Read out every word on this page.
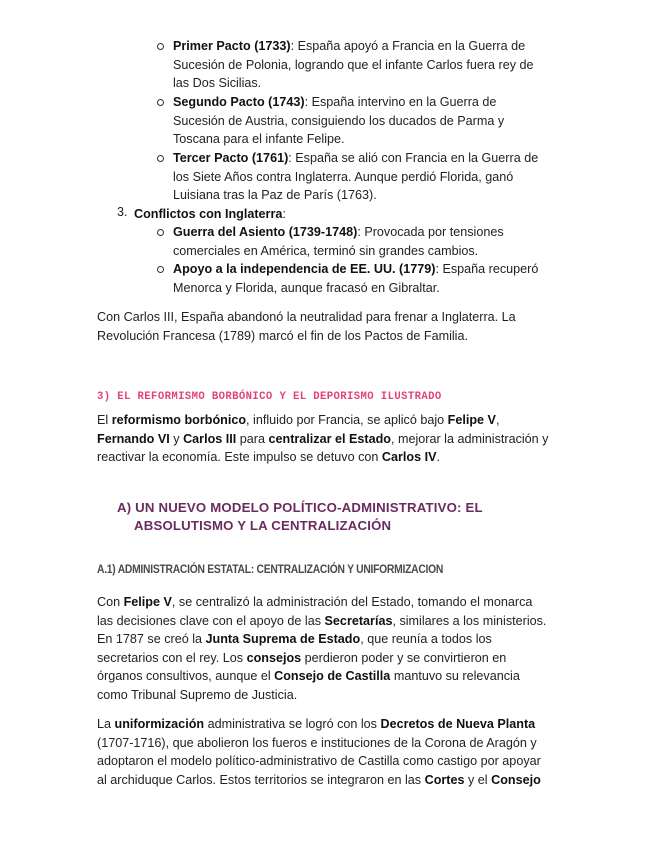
Primer Pacto (1733): España apoyó a Francia en la Guerra de
Sucesión de Polonia, logrando que el infante Carlos fuera rey de
las Dos Sicilias.
Segundo Pacto (1743): España intervino en la Guerra de
Sucesión de Austria, consiguiendo los ducados de Parma y
Toscana para el infante Felipe.
Tercer Pacto (1761): España se alió con Francia en la Guerra de
los Siete Años contra Inglaterra. Aunque perdió Florida, ganó
Luisiana tras la Paz de París (1763).
3. Conflictos con Inglaterra:
Guerra del Asiento (1739-1748): Provocada por tensiones
comerciales en América, terminó sin grandes cambios.
Apoyo a la independencia de EE. UU. (1779): España recuperó
Menorca y Florida, aunque fracasó en Gibraltar.
Con Carlos III, España abandonó la neutralidad para frenar a Inglaterra. La
Revolución Francesa (1789) marcó el fin de los Pactos de Familia.
3) EL REFORMISMO BORBÓNICO Y EL DEPORISMO ILUSTRADO
El reformismo borbónico, influido por Francia, se aplicó bajo Felipe V,
Fernando VI y Carlos III para centralizar el Estado, mejorar la administración y
reactivar la economía. Este impulso se detuvo con Carlos IV.
A) UN NUEVO MODELO POLÍTICO-ADMINISTRATIVO: EL
ABSOLUTISMO Y LA CENTRALIZACIÓN
A.1) ADMINISTRACIÓN ESTATAL: CENTRALIZACIÓN Y UNIFORMIZACION
Con Felipe V, se centralizó la administración del Estado, tomando el monarca
las decisiones clave con el apoyo de las Secretarías, similares a los ministerios.
En 1787 se creó la Junta Suprema de Estado, que reunía a todos los
secretarios con el rey. Los consejos perdieron poder y se convirtieron en
órganos consultivos, aunque el Consejo de Castilla mantuvo su relevancia
como Tribunal Supremo de Justicia.
La uniformización administrativa se logró con los Decretos de Nueva Planta
(1707-1716), que abolieron los fueros e instituciones de la Corona de Aragón y
adoptaron el modelo político-administrativo de Castilla como castigo por apoyar
al archiduque Carlos. Estos territorios se integraron en las Cortes y el Consejo
